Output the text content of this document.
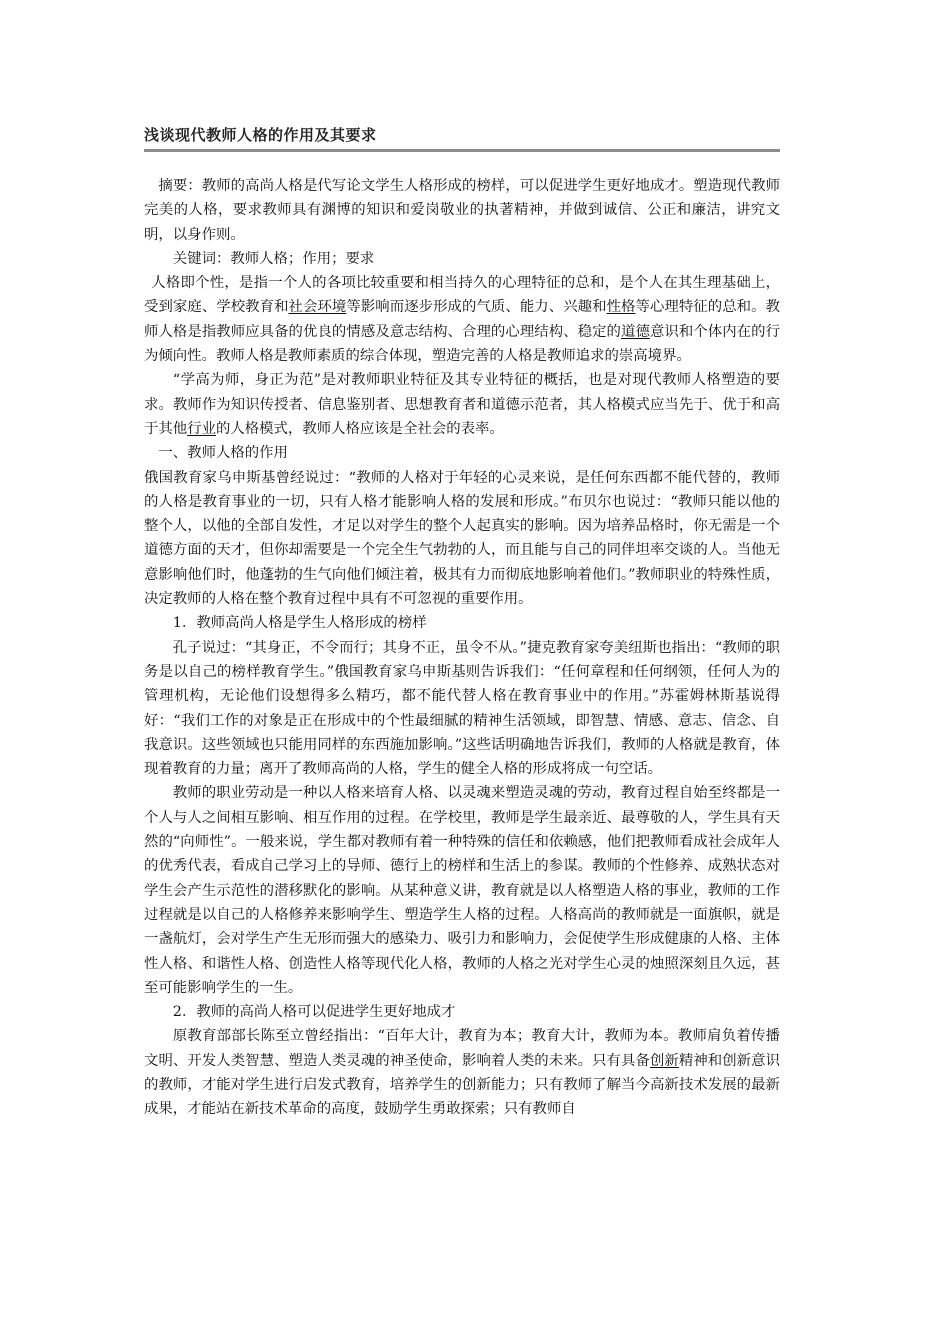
浅谈现代教师人格的作用及其要求

摘要：教师的高尚人格是代写论文学生人格形成的榜样，可以促进学生更好地成才。塑造现代教师完美的人格，要求教师具有渊博的知识和爱岗敬业的执著精神，并做到诚信、公正和廉洁，讲究文明，以身作则。

关键词：教师人格；作用；要求

人格即个性，是指一个人的各项比较重要和相当持久的心理特征的总和，是个人在其生理基础上，受到家庭、学校教育和社会环境等影响而逐步形成的气质、能力、兴趣和性格等心理特征的总和。教师人格是指教师应具备的优良的情感及意志结构、合理的心理结构、稳定的道德意识和个体内在的行为倾向性。教师人格是教师素质的综合体现，塑造完善的人格是教师追求的崇高境界。

“学高为师，身正为范”是对教师职业特征及其专业特征的概括，也是对现代教师人格塑造的要求。教师作为知识传授者、信息鉴别者、思想教育者和道德示范者，其人格模式应当先于、优于和高于其他行业的人格模式，教师人格应该是全社会的表率。

一、教师人格的作用

俄国教育家乌申斯基曾经说过：“教师的人格对于年轻的心灵来说，是任何东西都不能代替的，教师的人格是教育事业的一切，只有人格才能影响人格的发展和形成。”布贝尔也说过：“教师只能以他的整个人，以他的全部自发性，才足以对学生的整个人起真实的影响。因为培养品格时，你无需是一个道德方面的天才，但你却需要是一个完全生气勃勃的人，而且能与自己的同伴坦率交谈的人。当他无意影响他们时，他蓬勃的生气向他们倾注着，极其有力而彻底地影响着他们。”教师职业的特殊性质，决定教师的人格在整个教育过程中具有不可忽视的重要作用。

1．教师高尚人格是学生人格形成的榜样

孔子说过：“其身正，不令而行；其身不正，虽令不从。”捷克教育家夸美纽斯也指出：“教师的职务是以自己的榜样教育学生。”俄国教育家乌申斯基则告诉我们：“任何章程和任何纲领，任何人为的管理机构，无论他们设想得多么精巧，都不能代替人格在教育事业中的作用。”苏霍姆林斯基说得好：“我们工作的对象是正在形成中的个性最细腻的精神生活领域，即智慧、情感、意志、信念、自我意识。这些领域也只能用同样的东西施加影响。”这些话明确地告诉我们，教师的人格就是教育，体现着教育的力量；离开了教师高尚的人格，学生的健全人格的形成将成一句空话。

教师的职业劳动是一种以人格来培育人格、以灵魂来塑造灵魂的劳动，教育过程自始至终都是一个人与人之间相互影响、相互作用的过程。在学校里，教师是学生最亲近、最尊敬的人，学生具有天然的“向师性”。一般来说，学生都对教师有着一种特殊的信任和依赖感，他们把教师看成社会成年人的优秀代表，看成自己学习上的导师、德行上的榜样和生活上的参谋。教师的个性修养、成熟状态对学生会产生示范性的潜移默化的影响。从某种意义讲，教育就是以人格塑造人格的事业，教师的工作过程就是以自己的人格修养来影响学生、塑造学生人格的过程。人格高尚的教师就是一面旗帜，就是一盏航灯，会对学生产生无形而强大的感染力、吸引力和影响力，会促使学生形成健康的人格、主体性人格、和谐性人格、创造性人格等现代化人格，教师的人格之光对学生心灵的烛照深刻且久远，甚至可能影响学生的一生。

2．教师的高尚人格可以促进学生更好地成才

原教育部部长陈至立曾经指出：“百年大计，教育为本；教育大计，教师为本。教师肩负着传播文明、开发人类智慧、塑造人类灵魂的神圣使命，影响着人类的未来。只有具备创新精神和创新意识的教师，才能对学生进行启发式教育，培养学生的创新能力；只有教师了解当今高新技术发展的最新成果，才能站在新技术革命的高度，鼓励学生勇敢探索；只有教师自
